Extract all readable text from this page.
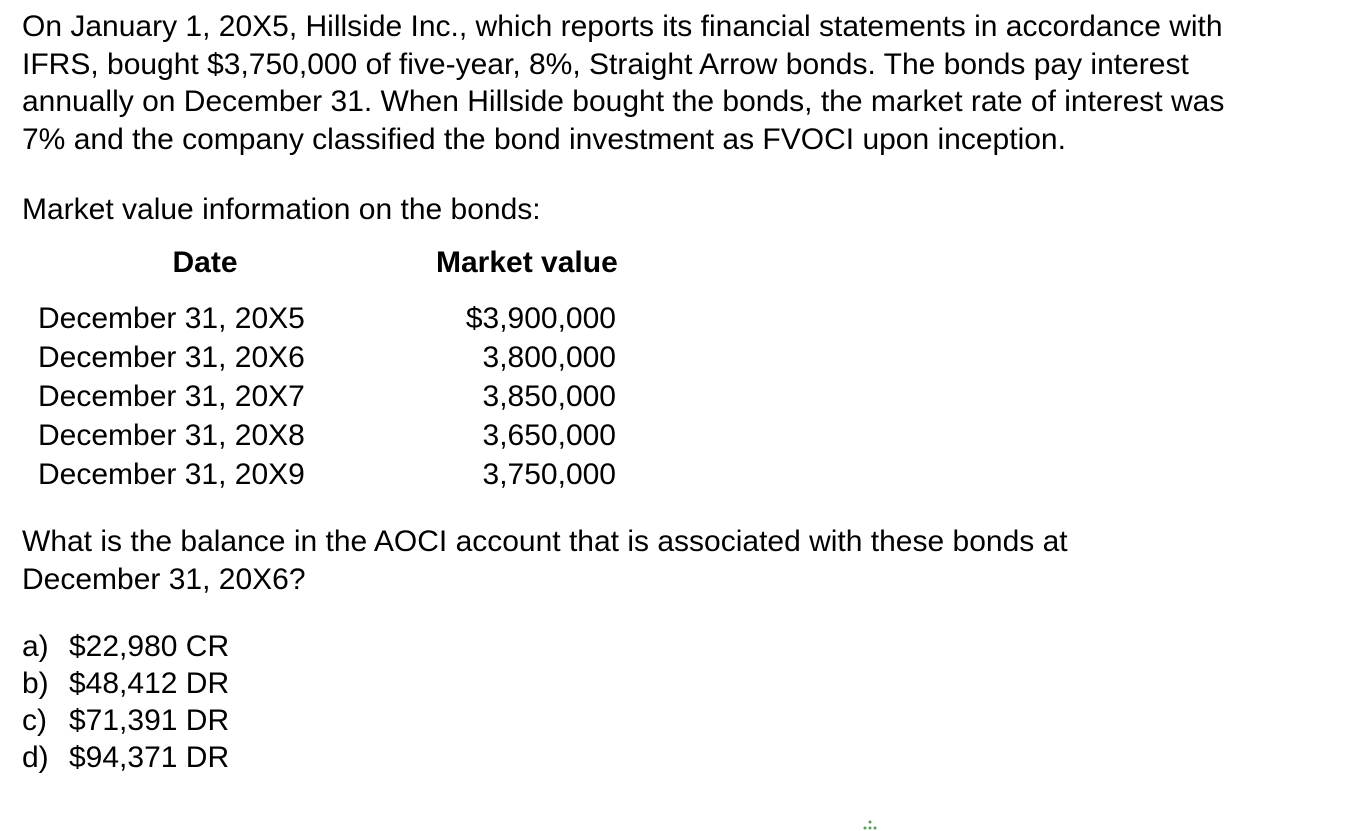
On January 1, 20X5, Hillside Inc., which reports its financial statements in accordance with

IFRS, bought $3,750,000 of five-year, 8%, Straight Arrow bonds. The bonds pay interest

annually on December 31. When Hillside bought the bonds, the market rate of interest was

7% and the company classified the bond investment as FVOCI upon inception.

Market value information on the bonds:

Date	Market value
December 31, 20X5	$3,900,000
December 31, 20X6	3,800,000
December 31, 20X7	3,850,000
December 31, 20X8	3,650,000
December 31, 20X9	3,750,000

What is the balance in the AOCI account that is associated with these bonds at

December 31, 20X6?

a) $22,980 CR
b) $48,412 DR
c) $71,391 DR
d) $94,371 DR
